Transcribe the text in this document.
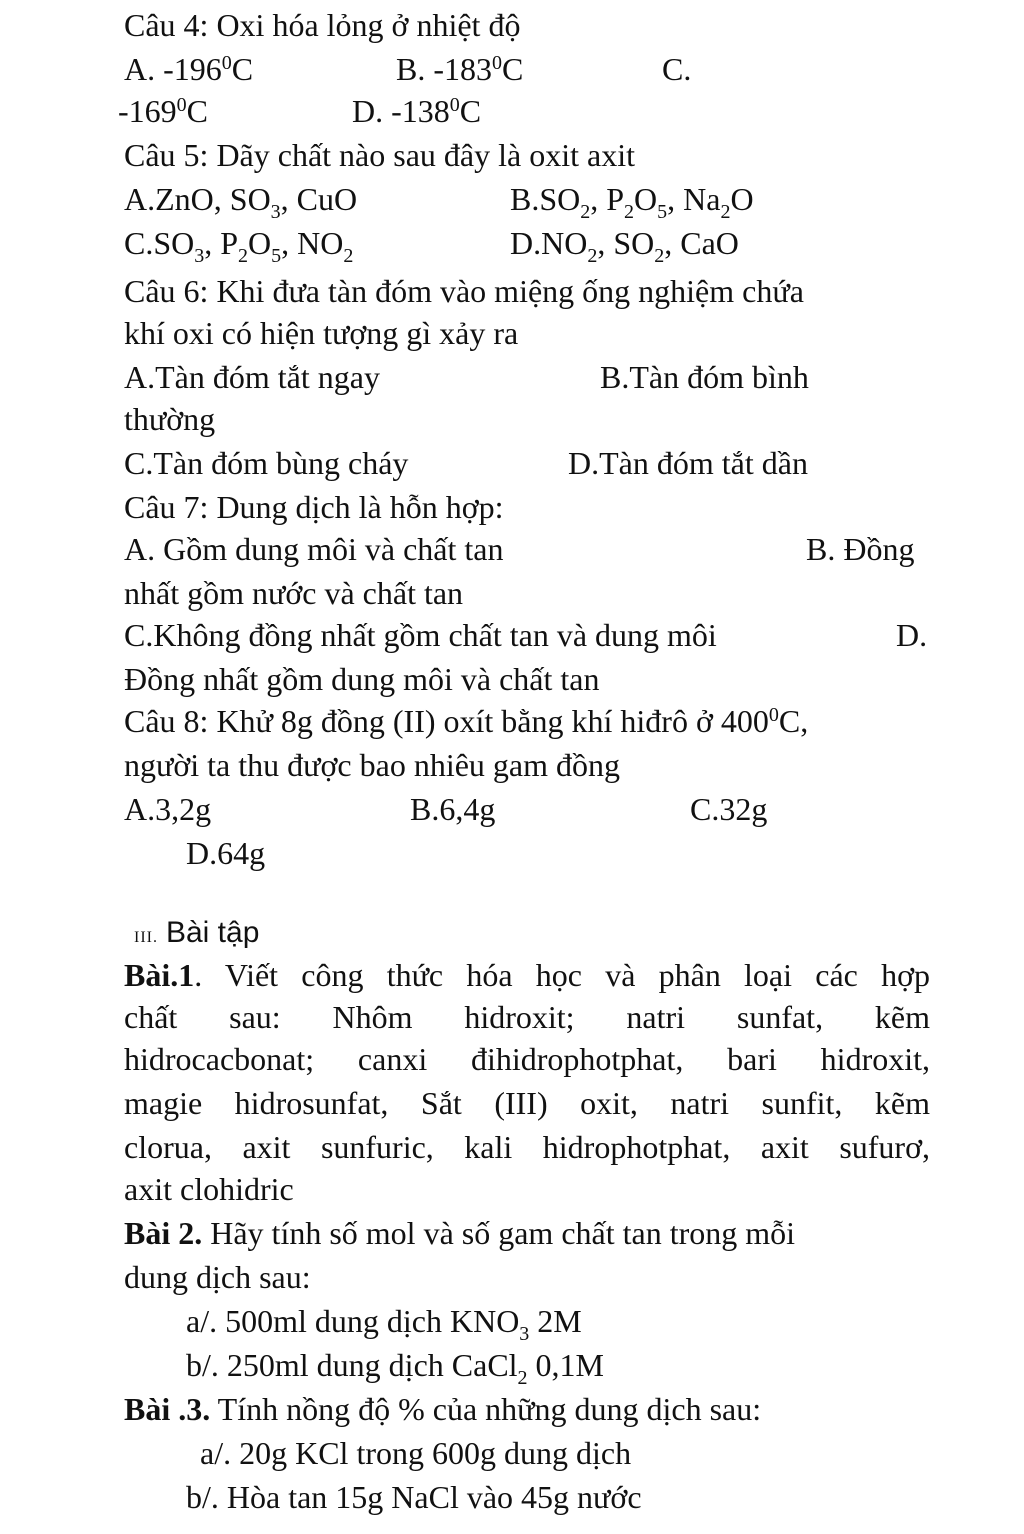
Câu 4: Oxi hóa lỏng ở nhiệt độ
A. $-196^0C$	B. $-183^0C$	C.
$-169^0C$	D. $-138^0C$
Câu 5: Dãy chất nào sau đây là oxit axit
A.ZnO, $SO_3$, CuO	$B.SO_2$, $P_2O_5$, $Na_2O$
$C.SO_3$, $P_2O_5$, $NO_2$	$D.NO_2$, $SO_2$, CaO
Câu 6: Khi đưa tàn đóm vào miệng ống nghiệm chứa
khí oxi có hiện tượng gì xảy ra
A.Tàn đóm tắt ngay	B.Tàn đóm bình
thường
C.Tàn đóm bùng cháy	D.Tàn đóm tắt dần
Câu 7: Dung dịch là hỗn hợp:
A. Gồm dung môi và chất tan	B. Đồng
nhất gồm nước và chất tan
C.Không đồng nhất gồm chất tan và dung môi	D.
Đồng nhất gồm dung môi và chất tan
Câu 8: Khử 8g đồng (II) oxít bằng khí hiđrô ở $400^0C$,
người ta thu được bao nhiêu gam đồng
A.3,2g	B.6,4g	C.32g
D.64g
III. Bài tập
Bài.1. Viết công thức hóa học và phân loại các hợp
chất sau: Nhôm hidroxit; natri sunfat, kẽm
hidrocacbonat; canxi đihidrophotphat, bari hidroxit,
magie hidrosunfat, Sắt (III) oxit, natri sunfit, kẽm
clorua, axit sunfuric, kali hidrophotphat, axit sufurơ,
axit clohidric
Bài 2. Hãy tính số mol và số gam chất tan trong mỗi
dung dịch sau:
a/. 500ml dung dịch $KNO_3$ 2M
b/. 250ml dung dịch CaCl$_2$ 0,1M
Bài .3. Tính nồng độ % của những dung dịch sau:
a/. 20g KCl trong 600g dung dịch
b/. Hòa tan 15g NaCl vào 45g nước
